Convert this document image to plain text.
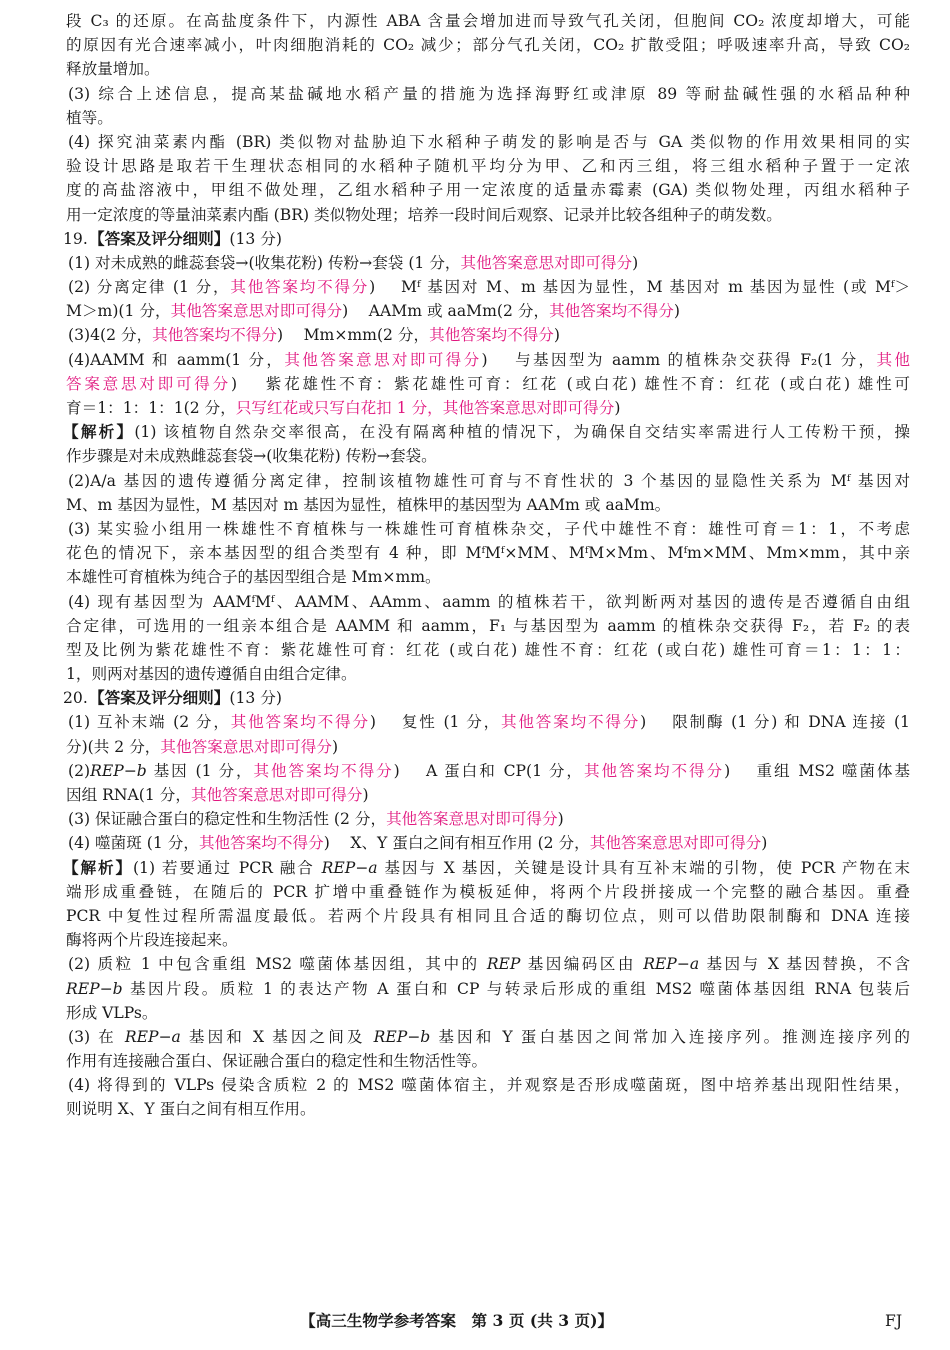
段 C₃ 的还原。在高盐度条件下，内源性 ABA 含量会增加进而导致气孔关闭，但胞间 CO₂ 浓度却增大，可能
的原因有光合速率减小，叶肉细胞消耗的 CO₂ 减少；部分气孔关闭，CO₂ 扩散受阻；呼吸速率升高，导致 CO₂
释放量增加。
(3) 综合上述信息，提高某盐碱地水稻产量的措施为选择海野红或津原 89 等耐盐碱性强的水稻品种种
植等。
(4) 探究油菜素内酯 (BR) 类似物对盐胁迫下水稻种子萌发的影响是否与 GA 类似物的作用效果相同的实
验设计思路是取若干生理状态相同的水稻种子随机平均分为甲、乙和丙三组，将三组水稻种子置于一定浓
度的高盐溶液中，甲组不做处理，乙组水稻种子用一定浓度的适量赤霉素 (GA) 类似物处理，丙组水稻种子
用一定浓度的等量油菜素内酯 (BR) 类似物处理；培养一段时间后观察、记录并比较各组种子的萌发数。
19.【答案及评分细则】(13 分)
(1) 对未成熟的雌蕊套袋→(收集花粉) 传粉→套袋 (1 分，其他答案意思对即可得分)
(2) 分离定律 (1 分，其他答案均不得分)　 Mᶠ 基因对 M、m 基因为显性，M 基因对 m 基因为显性 (或 Mᶠ＞
M＞m)(1 分，其他答案意思对即可得分)　 AAMm 或 aaMm(2 分，其他答案均不得分)
(3)4(2 分，其他答案均不得分)　 Mm×mm(2 分，其他答案均不得分)
(4)AAMM 和 aamm(1 分，其他答案意思对即可得分)　 与基因型为 aamm 的植株杂交获得 F₂(1 分，其他
答案意思对即可得分)　 紫花雄性不育：紫花雄性可育：红花 (或白花) 雄性不育：红花 (或白花) 雄性可
育＝1：1：1：1(2 分，只写红花或只写白花扣 1 分，其他答案意思对即可得分)
【解析】(1) 该植物自然杂交率很高，在没有隔离种植的情况下，为确保自交结实率需进行人工传粉干预，操
作步骤是对未成熟雌蕊套袋→(收集花粉) 传粉→套袋。
(2)A/a 基因的遗传遵循分离定律，控制该植物雄性可育与不育性状的 3 个基因的显隐性关系为 Mᶠ 基因对
M、m 基因为显性，M 基因对 m 基因为显性，植株甲的基因型为 AAMm 或 aaMm。
(3) 某实验小组用一株雄性不育植株与一株雄性可育植株杂交，子代中雄性不育：雄性可育＝1：1，不考虑
花色的情况下，亲本基因型的组合类型有 4 种，即 MᶠMᶠ×MM、MᶠM×Mm、Mᶠm×MM、Mm×mm，其中亲
本雄性可育植株为纯合子的基因型组合是 Mm×mm。
(4) 现有基因型为 AAMᶠMᶠ、AAMM、AAmm、aamm 的植株若干，欲判断两对基因的遗传是否遵循自由组
合定律，可选用的一组亲本组合是 AAMM 和 aamm，F₁ 与基因型为 aamm 的植株杂交获得 F₂，若 F₂ 的表
型及比例为紫花雄性不育：紫花雄性可育：红花 (或白花) 雄性不育：红花 (或白花) 雄性可育＝1：1：1：
1，则两对基因的遗传遵循自由组合定律。
20.【答案及评分细则】(13 分)
(1) 互补末端 (2 分，其他答案均不得分)　 复性 (1 分，其他答案均不得分)　 限制酶 (1 分) 和 DNA 连接 (1
分)(共 2 分，其他答案意思对即可得分)
(2)REP−b 基因 (1 分，其他答案均不得分)　 A 蛋白和 CP(1 分，其他答案均不得分)　 重组 MS2 噬菌体基
因组 RNA(1 分，其他答案意思对即可得分)
(3) 保证融合蛋白的稳定性和生物活性 (2 分，其他答案意思对即可得分)
(4) 噬菌斑 (1 分，其他答案均不得分)　 X、Y 蛋白之间有相互作用 (2 分，其他答案意思对即可得分)
【解析】(1) 若要通过 PCR 融合 REP−a 基因与 X 基因，关键是设计具有互补末端的引物，使 PCR 产物在末
端形成重叠链，在随后的 PCR 扩增中重叠链作为模板延伸，将两个片段拼接成一个完整的融合基因。重叠
PCR 中复性过程所需温度最低。若两个片段具有相同且合适的酶切位点，则可以借助限制酶和 DNA 连接
酶将两个片段连接起来。
(2) 质粒 1 中包含重组 MS2 噬菌体基因组，其中的 REP 基因编码区由 REP−a 基因与 X 基因替换，不含
REP−b 基因片段。质粒 1 的表达产物 A 蛋白和 CP 与转录后形成的重组 MS2 噬菌体基因组 RNA 包装后
形成 VLPs。
(3) 在 REP−a 基因和 X 基因之间及 REP−b 基因和 Y 蛋白基因之间常加入连接序列。推测连接序列的
作用有连接融合蛋白、保证融合蛋白的稳定性和生物活性等。
(4) 将得到的 VLPs 侵染含质粒 2 的 MS2 噬菌体宿主，并观察是否形成噬菌斑，图中培养基出现阳性结果，
则说明 X、Y 蛋白之间有相互作用。
【高三生物学参考答案　第 3 页 (共 3 页)】	FJ
